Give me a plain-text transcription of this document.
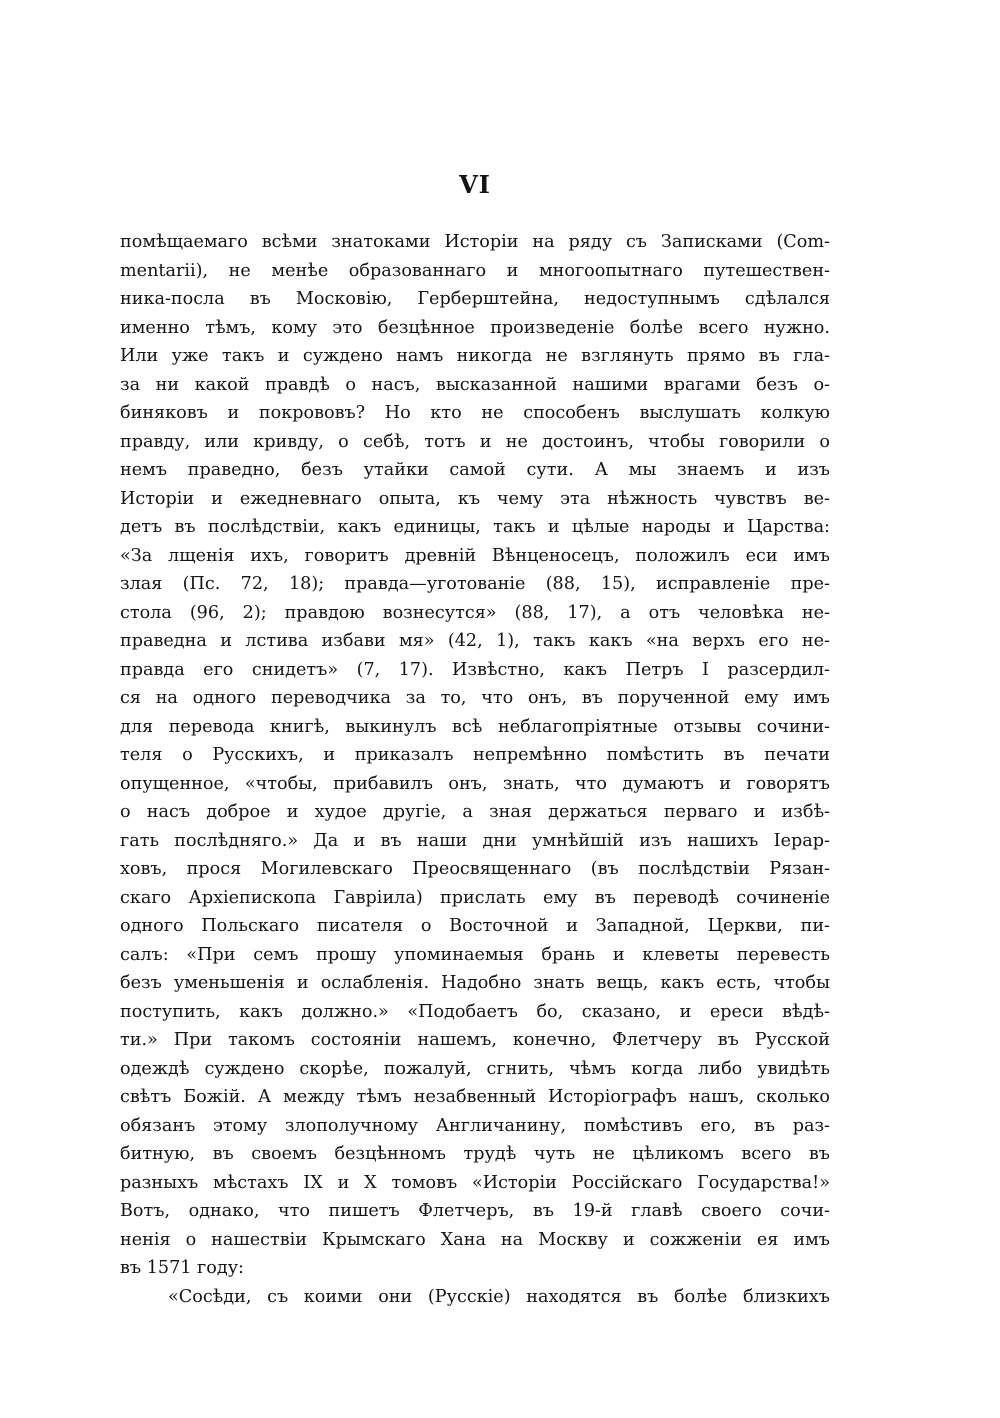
VI
помѣщаемаго всѣми знатоками Исторіи на ряду съ Записками (Com-
mentarii), не менѣе образованнаго и многоопытнаго путешествен-
ника-посла въ Московію, Герберштейна, недоступнымъ сдѣлался
именно тѣмъ, кому это безцѣнное произведеніе болѣе всего нужно.
Или уже такъ и суждено намъ никогда не взглянуть прямо въ гла-
за ни какой правдѣ о насъ, высказанной нашими врагами безъ о-
биняковъ и покрововъ? Но кто не способенъ выслушать колкую
правду, или кривду, о себѣ, тотъ и не достоинъ, чтобы говорили о
немъ праведно, безъ утайки самой сути. А мы знаемъ и изъ
Исторіи и ежедневнаго опыта, къ чему эта нѣжность чувствъ ве-
детъ въ послѣдствіи, какъ единицы, такъ и цѣлые народы и Царства:
«За лщенія ихъ, говоритъ древній Вѣнценосецъ, положилъ еси имъ
злая (Пс. 72, 18); правда—уготованіе (88, 15), исправленіе пре-
стола (96, 2); правдою вознесутся» (88, 17), а отъ человѣка не-
праведна и лстива избави мя» (42, 1), такъ какъ «на верхъ его не-
правда его снидетъ» (7, 17). Извѣстно, какъ Петръ I разсердил-
ся на одного переводчика за то, что онъ, въ порученной ему имъ
для перевода книгѣ, выкинулъ всѣ неблагопріятные отзывы сочини-
теля о Русскихъ, и приказалъ непремѣнно помѣстить въ печати
опущенное, «чтобы, прибавилъ онъ, знать, что думаютъ и говорятъ
о насъ доброе и худое другіе, а зная держаться перваго и избѣ-
гать послѣдняго.» Да и въ наши дни умнѣйшій изъ нашихъ Іерар-
ховъ, прося Могилевскаго Преосвященнаго (въ послѣдствіи Рязан-
скаго Архіепископа Гавріила) прислать ему въ переводѣ сочиненіе
одного Польскаго писателя о Восточной и Западной, Церкви, пи-
салъ: «При семъ прошу упоминаемыя брань и клеветы перевесть
безъ уменьшенія и ослабленія. Надобно знать вещь, какъ есть, чтобы
поступить, какъ должно.» «Подобаетъ бо, сказано, и ереси вѣдѣ-
ти.» При такомъ состояніи нашемъ, конечно, Флетчеру въ Русской
одеждѣ суждено скорѣе, пожалуй, сгнить, чѣмъ когда либо увидѣть
свѣтъ Божій. А между тѣмъ незабвенный Исторіографъ нашъ, сколько
обязанъ этому злополучному Англичанину, помѣстивъ его, въ раз-
битную, въ своемъ безцѣнномъ трудѣ чуть не цѣликомъ всего въ
разныхъ мѣстахъ IX и X томовъ «Исторіи Россійскаго Государства!»
Вотъ, однако, что пишетъ Флетчеръ, въ 19-й главѣ своего сочи-
ненія о нашествіи Крымскаго Хана на Москву и сожженіи ея имъ
въ 1571 году:
«Сосѣди, съ коими они (Русскіе) находятся въ болѣе близкихъ
